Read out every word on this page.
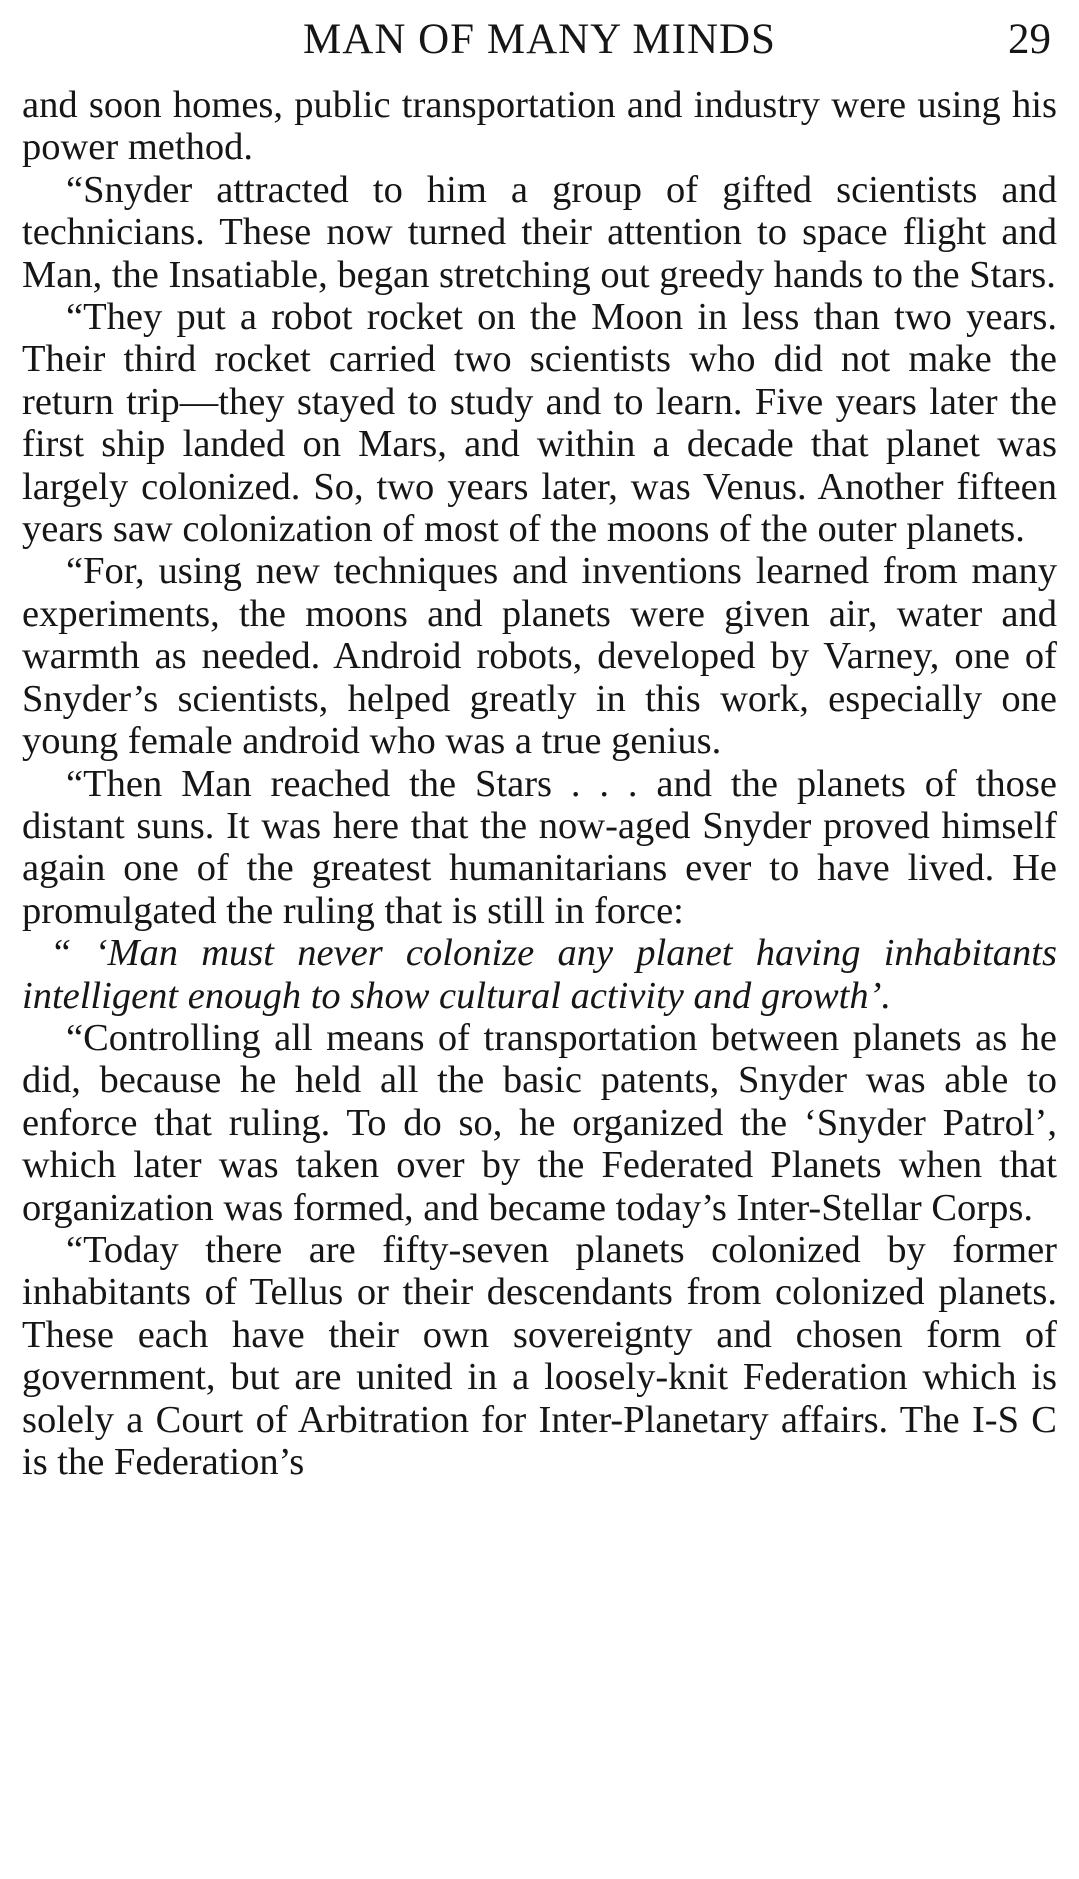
MAN OF MANY MINDS	29

and soon homes, public transportation and industry were using his power method.

“Snyder attracted to him a group of gifted scientists and technicians. These now turned their attention to space flight and Man, the Insatiable, began stretching out greedy hands to the Stars.

“They put a robot rocket on the Moon in less than two years. Their third rocket carried two scientists who did not make the return trip—they stayed to study and to learn. Five years later the first ship landed on Mars, and within a decade that planet was largely colonized. So, two years later, was Venus. Another fifteen years saw colonization of most of the moons of the outer planets.

“For, using new techniques and inventions learned from many experiments, the moons and planets were given air, water and warmth as needed. Android robots, developed by Varney, one of Snyder’s scientists, helped greatly in this work, especially one young female android who was a true genius.

“Then Man reached the Stars . . . and the planets of those distant suns. It was here that the now-aged Snyder proved himself again one of the greatest humanitarians ever to have lived. He promulgated the ruling that is still in force:

“ ‘Man must never colonize any planet having inhabitants intelligent enough to show cultural activity and growth’.

“Controlling all means of transportation between planets as he did, because he held all the basic patents, Snyder was able to enforce that ruling. To do so, he organized the ‘Snyder Patrol’, which later was taken over by the Federated Planets when that organization was formed, and became today’s Inter-Stellar Corps.

“Today there are fifty-seven planets colonized by former inhabitants of Tellus or their descendants from colonized planets. These each have their own sovereignty and chosen form of government, but are united in a loosely-knit Federation which is solely a Court of Arbitration for Inter-Planetary affairs. The I-S C is the Federation’s
